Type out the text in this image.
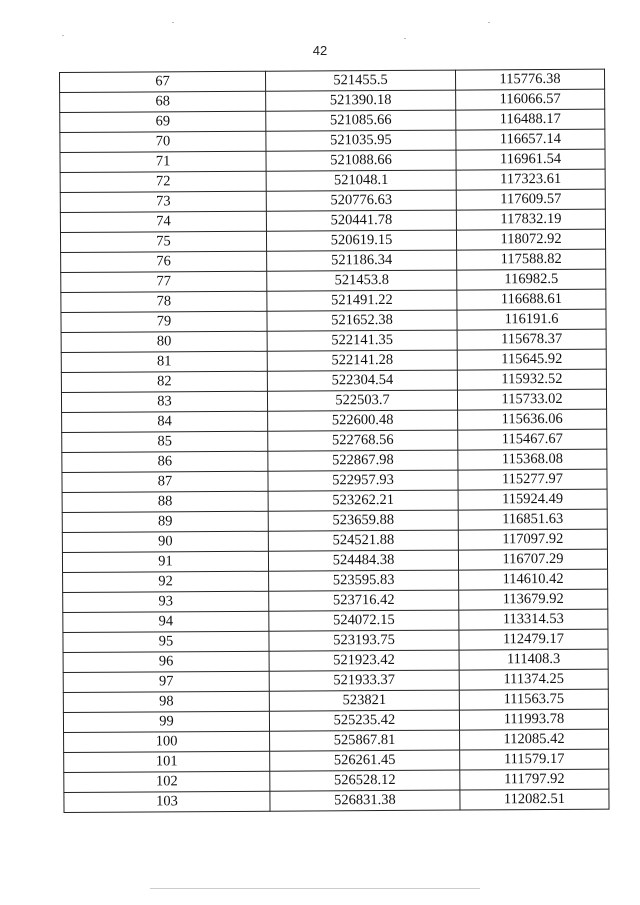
42
67	521455.5	115776.38
68	521390.18	116066.57
69	521085.66	116488.17
70	521035.95	116657.14
71	521088.66	116961.54
72	521048.1	117323.61
73	520776.63	117609.57
74	520441.78	117832.19
75	520619.15	118072.92
76	521186.34	117588.82
77	521453.8	116982.5
78	521491.22	116688.61
79	521652.38	116191.6
80	522141.35	115678.37
81	522141.28	115645.92
82	522304.54	115932.52
83	522503.7	115733.02
84	522600.48	115636.06
85	522768.56	115467.67
86	522867.98	115368.08
87	522957.93	115277.97
88	523262.21	115924.49
89	523659.88	116851.63
90	524521.88	117097.92
91	524484.38	116707.29
92	523595.83	114610.42
93	523716.42	113679.92
94	524072.15	113314.53
95	523193.75	112479.17
96	521923.42	111408.3
97	521933.37	111374.25
98	523821	111563.75
99	525235.42	111993.78
100	525867.81	112085.42
101	526261.45	111579.17
102	526528.12	111797.92
103	526831.38	112082.51
